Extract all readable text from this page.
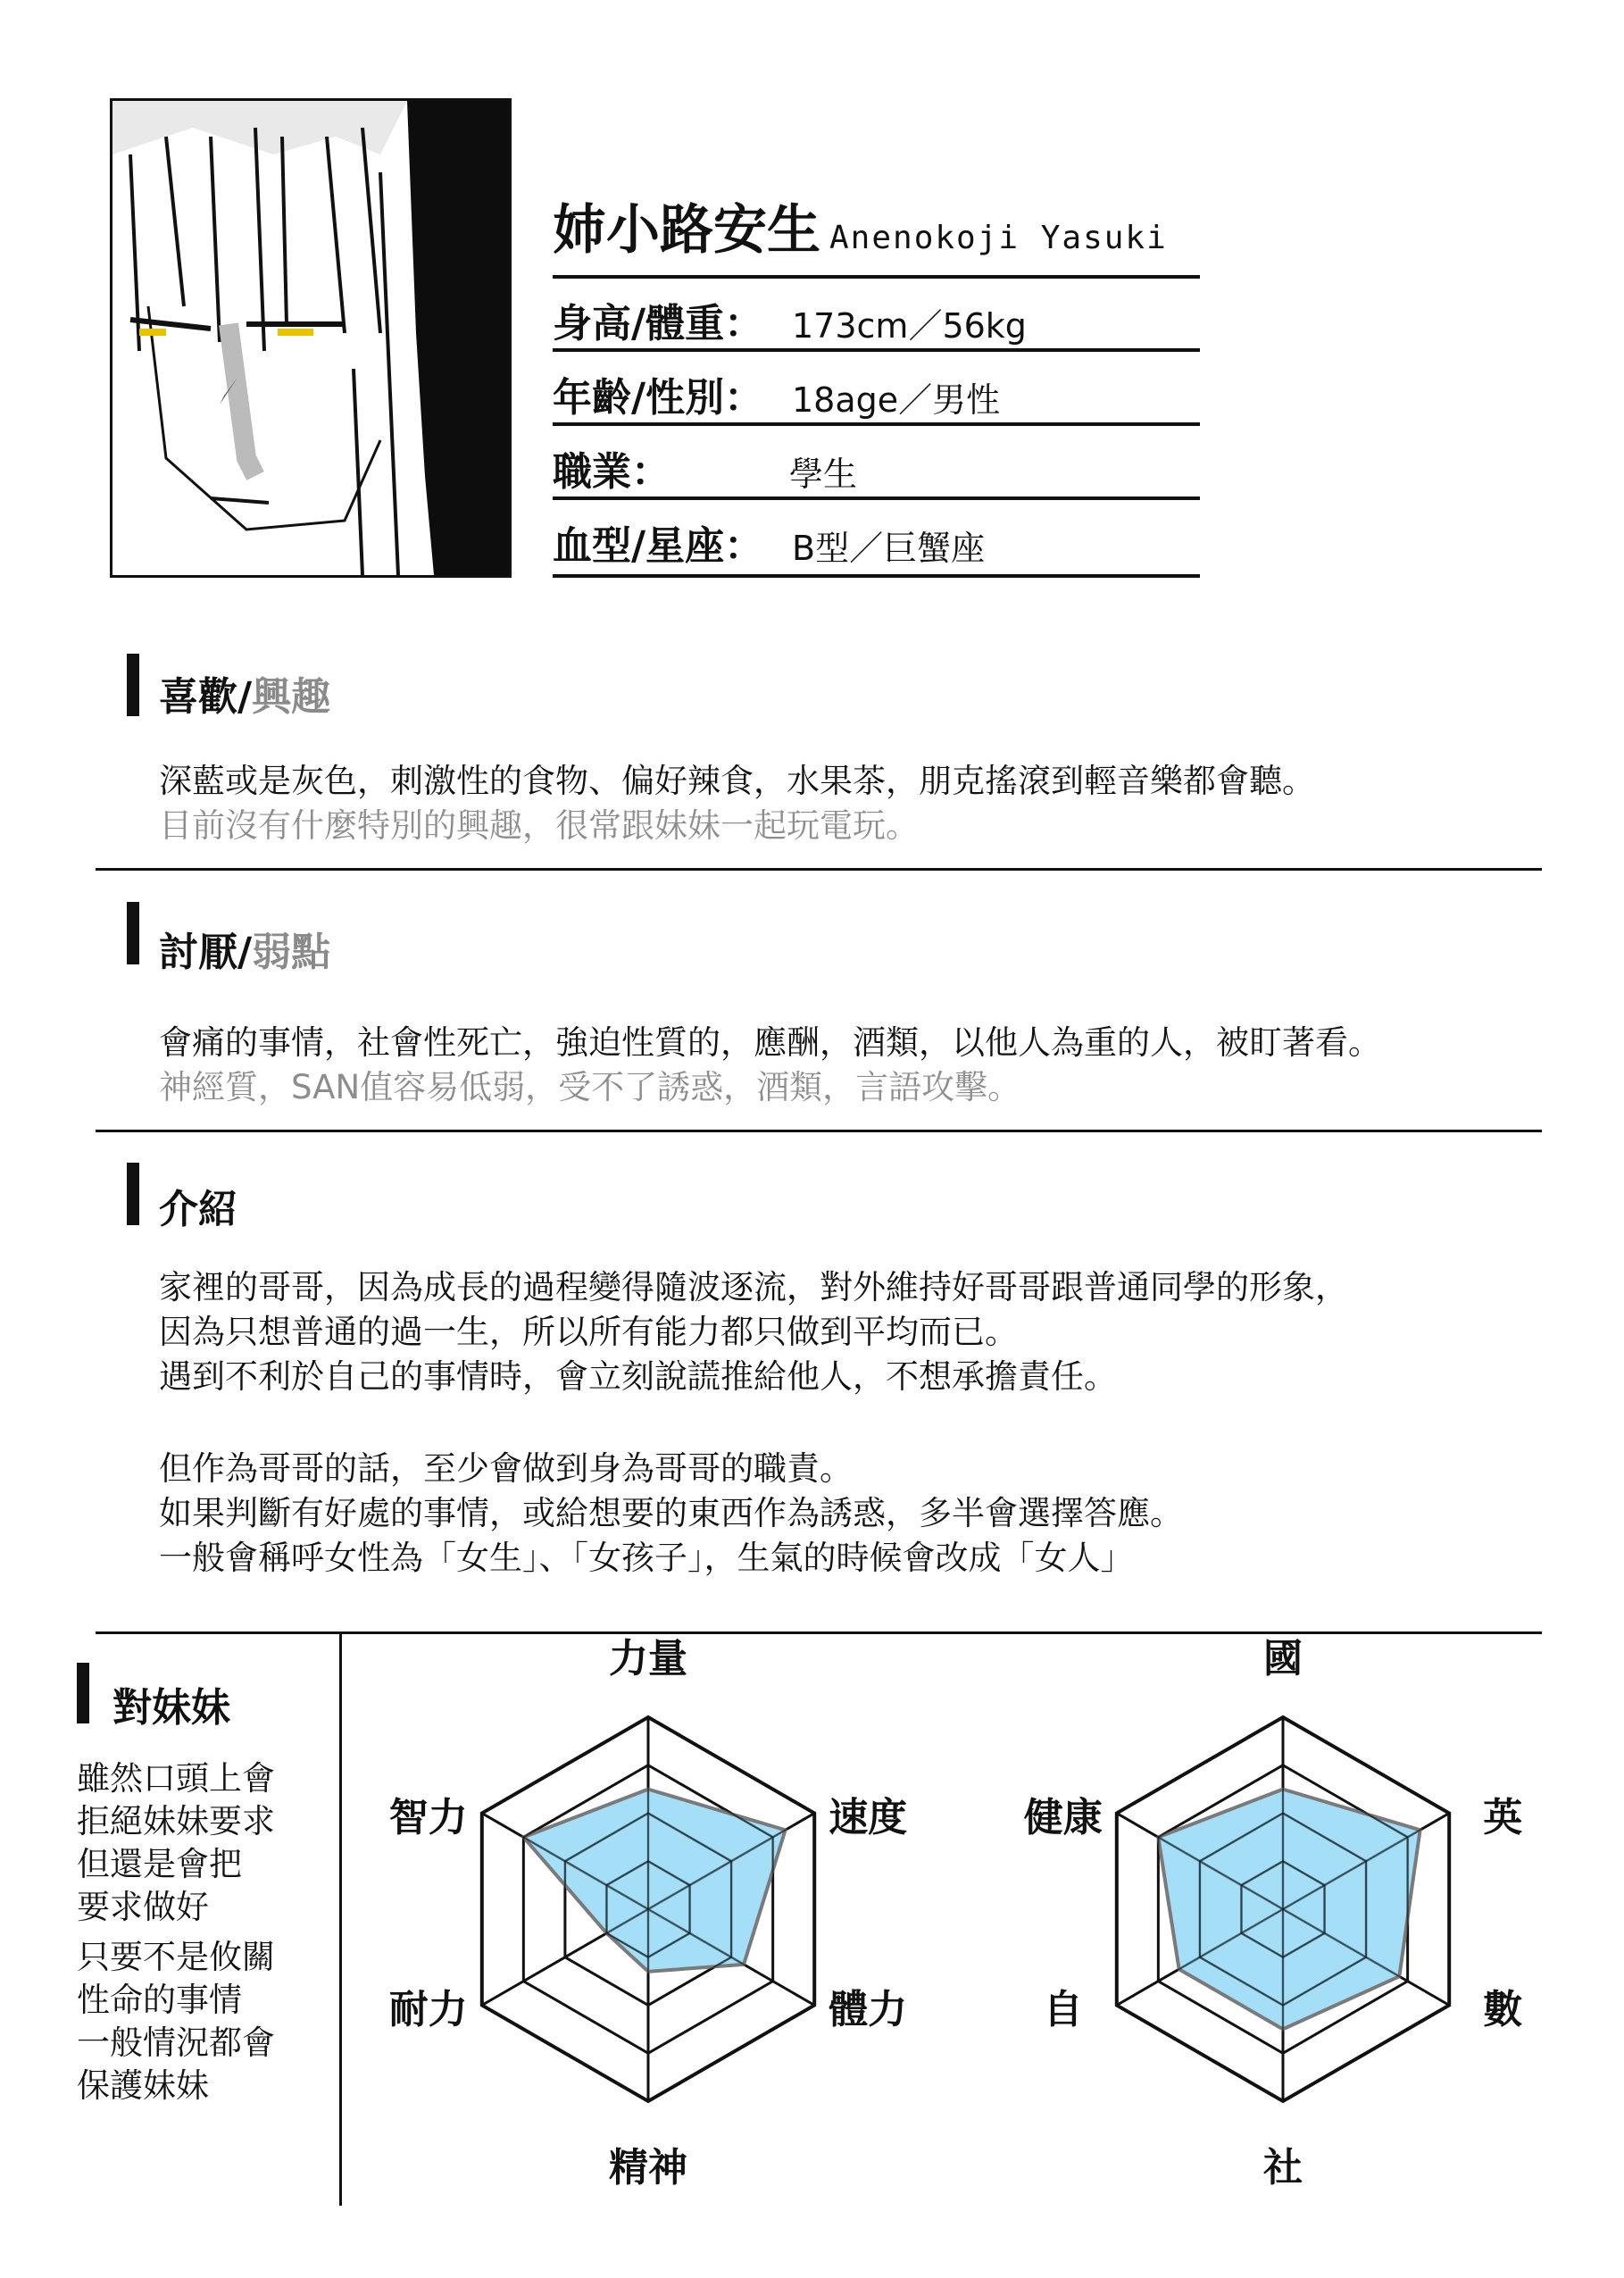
姉小路安生 Anenokoji Yasuki
身高/體重： 173cm／56kg
年齡/性別： 18age／男性
職業：	學生
血型/星座： B型／巨蟹座
喜歡/興趣
深藍或是灰色，刺激性的食物、偏好辣食，水果茶，朋克搖滾到輕音樂都會聽。
目前沒有什麼特別的興趣，很常跟妹妹一起玩電玩。
討厭/弱點
會痛的事情，社會性死亡，強迫性質的，應酬，酒類，以他人為重的人，被盯著看。
神經質，SAN值容易低弱，受不了誘惑，酒類，言語攻擊。
介紹
家裡的哥哥，因為成長的過程變得隨波逐流，對外維持好哥哥跟普通同學的形象，
因為只想普通的過一生，所以所有能力都只做到平均而已。
遇到不利於自己的事情時，會立刻說謊推給他人，不想承擔責任。
但作為哥哥的話，至少會做到身為哥哥的職責。
如果判斷有好處的事情，或給想要的東西作為誘惑，多半會選擇答應。
一般會稱呼女性為「女生」、「女孩子」，生氣的時候會改成「女人」
對妹妹
雖然口頭上會
拒絕妹妹要求
但還是會把
要求做好
只要不是攸關
性命的事情
一般情況都會
保護妹妹
力量
速度
體力
精神
耐力
智力
國
英
數
社
自
健康
